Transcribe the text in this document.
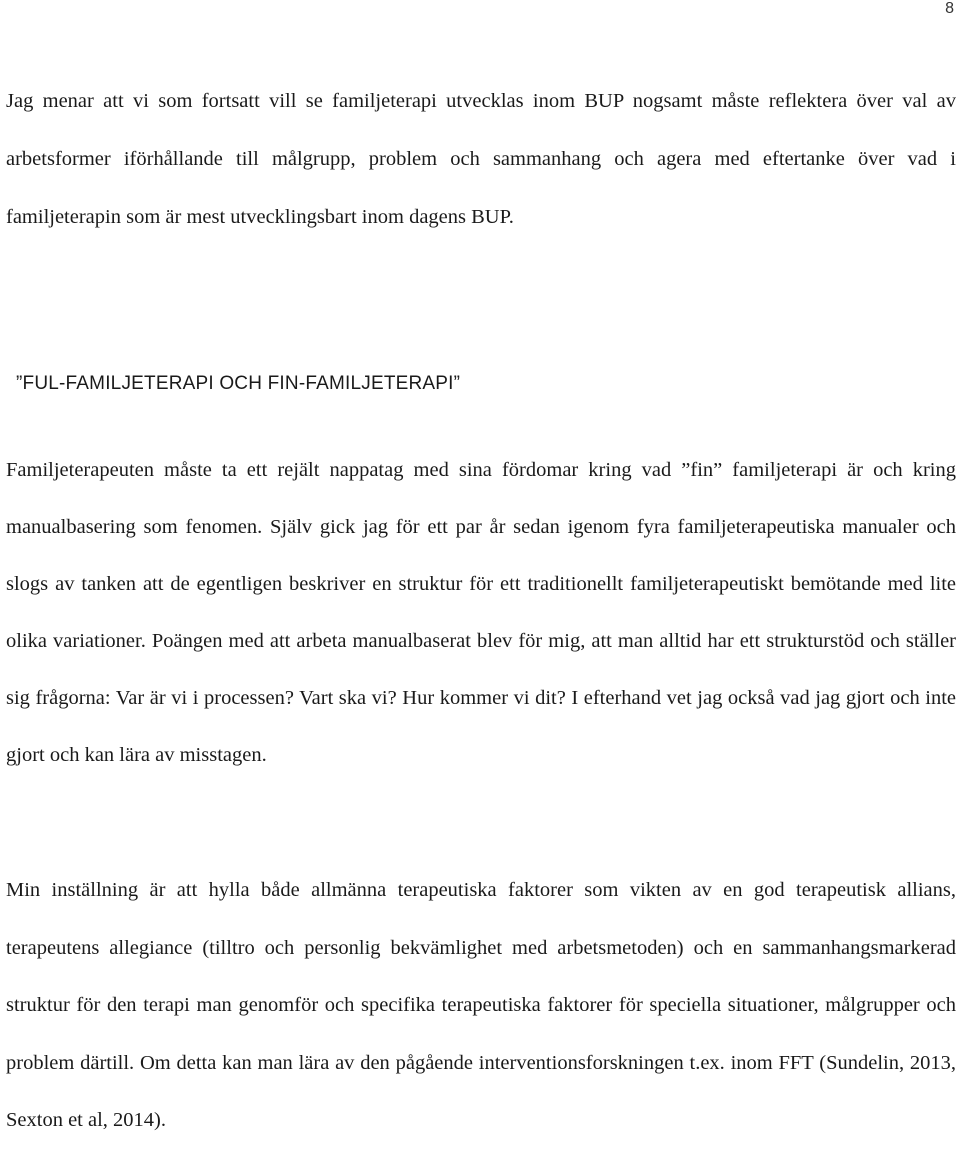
8

Jag menar att vi som fortsatt vill se familjeterapi utvecklas inom BUP nogsamt måste reflektera över val av arbetsformer iförhållande till målgrupp, problem och sammanhang och agera med eftertanke över vad i familjeterapin som är mest utvecklingsbart inom dagens BUP.

”FUL-FAMILJETERAPI OCH FIN-FAMILJETERAPI”

Familjeterapeuten måste ta ett rejält nappatag med sina fördomar kring vad ”fin” familjeterapi är och kring manualbasering som fenomen. Själv gick jag för ett par år sedan igenom fyra familjeterapeutiska manualer och slogs av tanken att de egentligen beskriver en struktur för ett traditionellt familjeterapeutiskt bemötande med lite olika variationer. Poängen med att arbeta manualbaserat blev för mig, att man alltid har ett strukturstöd och ställer sig frågorna: Var är vi i processen? Vart ska vi? Hur kommer vi dit? I efterhand vet jag också vad jag gjort och inte gjort och kan lära av misstagen.

Min inställning är att hylla både allmänna terapeutiska faktorer som vikten av en god terapeutisk allians, terapeutens allegiance (tilltro och personlig bekvämlighet med arbetsmetoden) och en sammanhangsmarkerad struktur för den terapi man genomför och specifika terapeutiska faktorer för speciella situationer, målgrupper och problem därtill. Om detta kan man lära av den pågående interventionsforskningen t.ex. inom FFT (Sundelin, 2013, Sexton et al, 2014).
